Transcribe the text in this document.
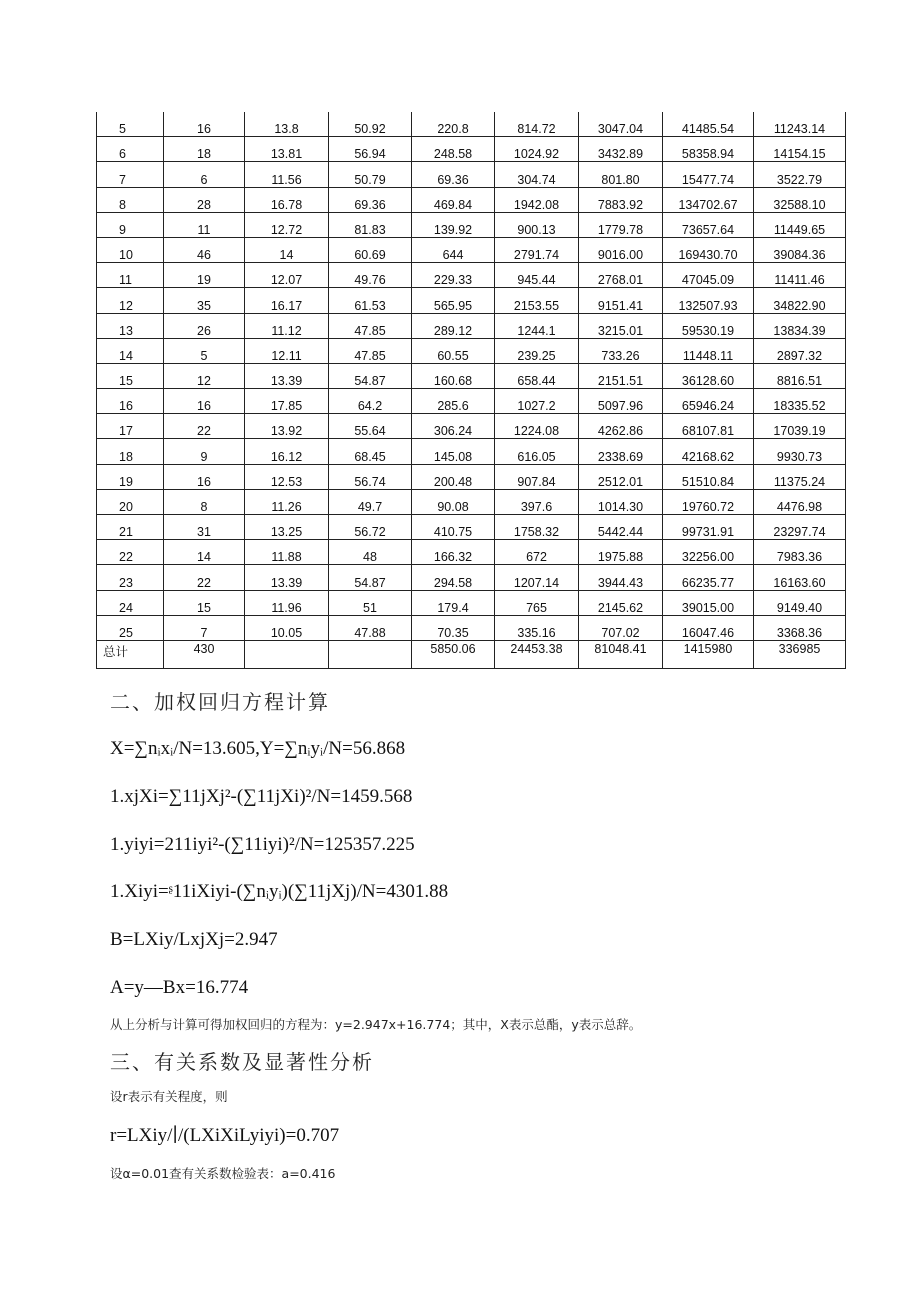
5	16	13.8	50.92	220.8	814.72	3047.04	41485.54	11243.14
6	18	13.81	56.94	248.58	1024.92	3432.89	58358.94	14154.15
7	6	11.56	50.79	69.36	304.74	801.80	15477.74	3522.79
8	28	16.78	69.36	469.84	1942.08	7883.92	134702.67	32588.10
9	11	12.72	81.83	139.92	900.13	1779.78	73657.64	11449.65
10	46	14	60.69	644	2791.74	9016.00	169430.70	39084.36
11	19	12.07	49.76	229.33	945.44	2768.01	47045.09	11411.46
12	35	16.17	61.53	565.95	2153.55	9151.41	132507.93	34822.90
13	26	11.12	47.85	289.12	1244.1	3215.01	59530.19	13834.39
14	5	12.11	47.85	60.55	239.25	733.26	11448.11	2897.32
15	12	13.39	54.87	160.68	658.44	2151.51	36128.60	8816.51
16	16	17.85	64.2	285.6	1027.2	5097.96	65946.24	18335.52
17	22	13.92	55.64	306.24	1224.08	4262.86	68107.81	17039.19
18	9	16.12	68.45	145.08	616.05	2338.69	42168.62	9930.73
19	16	12.53	56.74	200.48	907.84	2512.01	51510.84	11375.24
20	8	11.26	49.7	90.08	397.6	1014.30	19760.72	4476.98
21	31	13.25	56.72	410.75	1758.32	5442.44	99731.91	23297.74
22	14	11.88	48	166.32	672	1975.88	32256.00	7983.36
23	22	13.39	54.87	294.58	1207.14	3944.43	66235.77	16163.60
24	15	11.96	51	179.4	765	2145.62	39015.00	9149.40
25	7	10.05	47.88	70.35	335.16	707.02	16047.46	3368.36
总计	430			5850.06	24453.38	81048.41	1415980	336985
二、加权回归方程计算
X=∑nᵢxᵢ/N=13.605,Y=∑nᵢyᵢ/N=56.868
1.xjXi=∑11jXj²-(∑11jXi)²/N=1459.568
1.yiyi=211iyi²-(∑11iyi)²/N=125357.225
1.Xiyi=ᶳ11iXiyi-(∑nᵢyᵢ)(∑11jXj)/N=4301.88
B=LXiy/LxjXj=2.947
A=y—Bx=16.774
从上分析与计算可得加权回归的方程为：y=2.947x+16.774；其中，X表示总酯，y表示总辞。
三、有关系数及显著性分析
设r表示有关程度，则
r=LXiy/∣/(LXiXiLyiyi)=0.707
设α=0.01查有关系数检验表：a=0.416
